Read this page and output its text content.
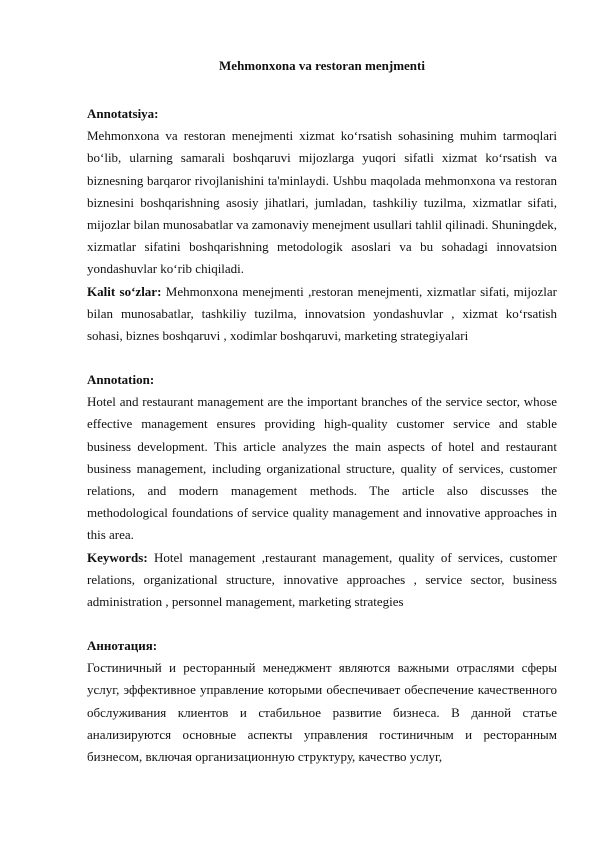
Mehmonxona va restoran menjmenti

Annotatsiya:

Mehmonxona va restoran menejmenti xizmat ko‘rsatish sohasining muhim tarmoqlari bo‘lib, ularning samarali boshqaruvi mijozlarga yuqori sifatli xizmat ko‘rsatish va biznesning barqaror rivojlanishini ta'minlaydi. Ushbu maqolada mehmonxona va restoran biznesini boshqarishning asosiy jihatlari, jumladan, tashkiliy tuzilma, xizmatlar sifati, mijozlar bilan munosabatlar va zamonaviy menejment usullari tahlil qilinadi. Shuningdek, xizmatlar sifatini boshqarishning metodologik asoslari va bu sohadagi innovatsion yondashuvlar ko‘rib chiqiladi.

Kalit so‘zlar: Mehmonxona menejmenti ,restoran menejmenti, xizmatlar sifati, mijozlar bilan munosabatlar, tashkiliy tuzilma, innovatsion yondashuvlar , xizmat ko‘rsatish sohasi, biznes boshqaruvi , xodimlar boshqaruvi, marketing strategiyalari

Annotation:

Hotel and restaurant management are the important branches of the service sector, whose effective management ensures providing high-quality customer service and stable business development. This article analyzes the main aspects of hotel and restaurant business management, including organizational structure, quality of services, customer relations, and modern management methods. The article also discusses the methodological foundations of service quality management and innovative approaches in this area.

Keywords: Hotel management ,restaurant management, quality of services, customer relations, organizational structure, innovative approaches , service sector, business administration , personnel management, marketing strategies

Аннотация:

Гостиничный и ресторанный менеджмент являются важными отраслями сферы услуг, эффективное управление которыми обеспечивает обеспечение качественного обслуживания клиентов и стабильное развитие бизнеса. В данной статье анализируются основные аспекты управления гостиничным и ресторанным бизнесом, включая организационную структуру, качество услуг,
